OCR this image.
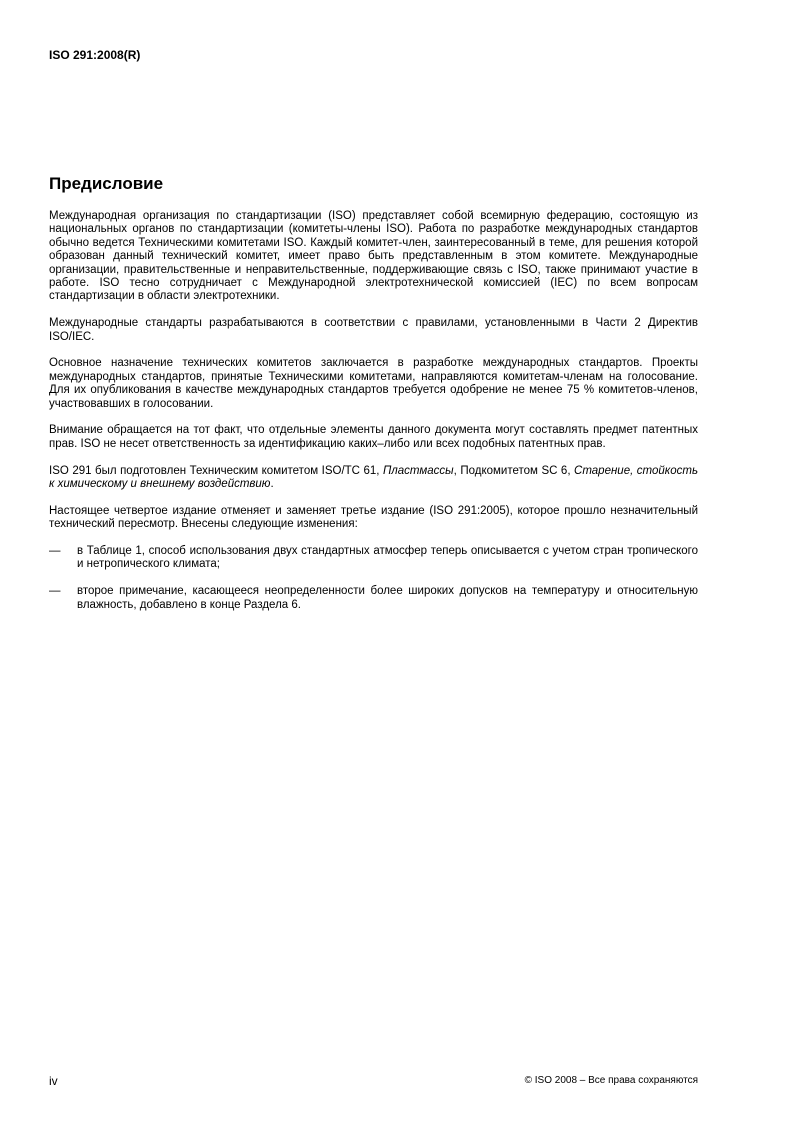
ISO 291:2008(R)
Предисловие

Международная организация по стандартизации (ISO) представляет собой всемирную федерацию, состоящую из национальных органов по стандартизации (комитеты-члены ISO). Работа по разработке международных стандартов обычно ведется Техническими комитетами ISO. Каждый комитет-член, заинтересованный в теме, для решения которой образован данный технический комитет, имеет право быть представленным в этом комитете. Международные организации, правительственные и неправительственные, поддерживающие связь с ISO, также принимают участие в работе. ISO тесно сотрудничает с Международной электротехнической комиссией (IEC) по всем вопросам стандартизации в области электротехники.

Международные стандарты разрабатываются в соответствии с правилами, установленными в Части 2 Директив ISO/IEC.

Основное назначение технических комитетов заключается в разработке международных стандартов. Проекты международных стандартов, принятые Техническими комитетами, направляются комитетам-членам на голосование. Для их опубликования в качестве международных стандартов требуется одобрение не менее 75 % комитетов-членов, участвовавших в голосовании.

Внимание обращается на тот факт, что отдельные элементы данного документа могут составлять предмет патентных прав. ISO не несет ответственность за идентификацию каких–либо или всех подобных патентных прав.

ISO 291 был подготовлен Техническим комитетом ISO/TC 61, Пластмассы, Подкомитетом SC 6, Старение, стойкость к химическому и внешнему воздействию.

Настоящее четвертое издание отменяет и заменяет третье издание (ISO 291:2005), которое прошло незначительный технический пересмотр. Внесены следующие изменения:

— в Таблице 1, способ использования двух стандартных атмосфер теперь описывается с учетом стран тропического и нетропического климата;
— второе примечание, касающееся неопределенности более широких допусков на температуру и относительную влажность, добавлено в конце Раздела 6.
iv	© ISO 2008 – Все права сохраняются
